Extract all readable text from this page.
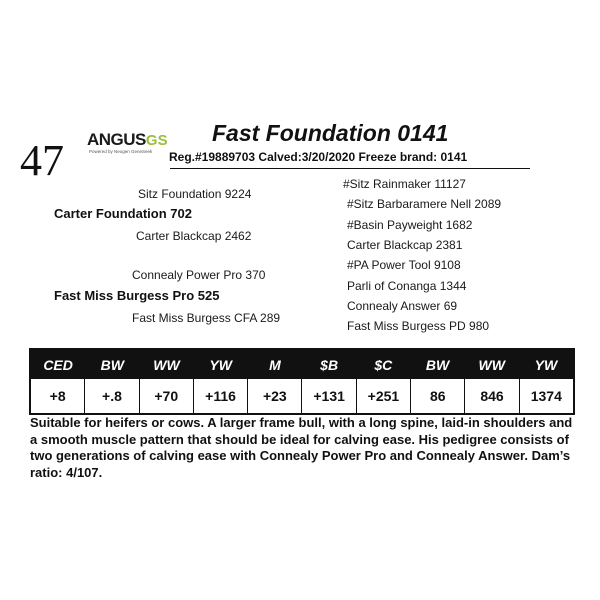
47 ANGUSGS
Powered by Neogen GeneSeek
Fast Foundation 0141
Reg.#19889703 Calved:3/20/2020 Freeze brand: 0141
Sitz Foundation 9224
Carter Foundation 702
Carter Blackcap 2462
Connealy Power Pro 370
Fast Miss Burgess Pro 525
Fast Miss Burgess CFA 289
#Sitz Rainmaker 11127
#Sitz Barbaramere Nell 2089
#Basin Payweight 1682
Carter Blackcap 2381
#PA Power Tool 9108
Parli of Conanga 1344
Connealy Answer 69
Fast Miss Burgess PD 980
CED	BW	WW	YW	M	$B	$C	BW	WW	YW
+8	+.8	+70	+116	+23	+131	+251	86	846	1374
Suitable for heifers or cows. A larger frame bull, with a long spine, laid-in shoulders and a smooth muscle pattern that should be ideal for calving ease. His pedigree consists of two generations of calving ease with Connealy Power Pro and Connealy Answer. Dam’s ratio: 4/107.
